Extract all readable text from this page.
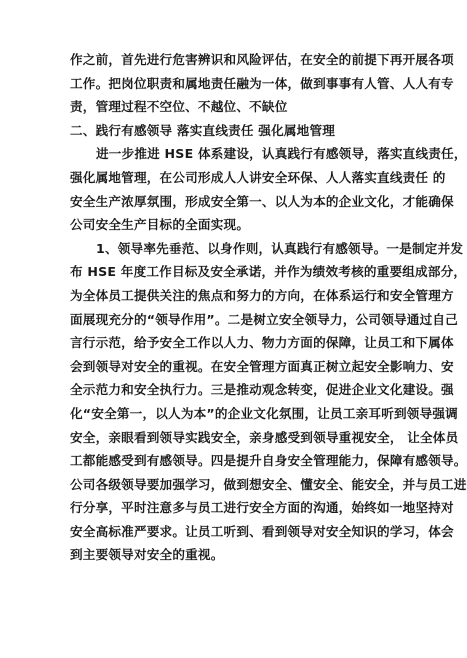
作之前，首先进行危害辨识和风险评估，在安全的前提下再开展各项
工作。把岗位职责和属地责任融为一体，做到事事有人管、人人有专
责，管理过程不空位、不越位、不缺位
二、践行有感领导 落实直线责任 强化属地管理
进一步推进 HSE 体系建设，认真践行有感领导，落实直线责任，
强化属地管理，在公司形成人人讲安全环保、人人落实直线责任 的
安全生产浓厚氛围，形成安全第一、以人为本的企业文化，才能确保
公司安全生产目标的全面实现。
1、领导率先垂范、以身作则，认真践行有感领导。一是制定并发
布 HSE 年度工作目标及安全承诺，并作为绩效考核的重要组成部分，
为全体员工提供关注的焦点和努力的方向，在体系运行和安全管理方
面展现充分的“领导作用”。二是树立安全领导力，公司领导通过自己
言行示范，给予安全工作以人力、物力方面的保障，让员工和下属体
会到领导对安全的重视。在安全管理方面真正树立起安全影响力、安
全示范力和安全执行力。三是推动观念转变，促进企业文化建设。强
化“安全第一，以人为本”的企业文化氛围，让员工亲耳听到领导强调
安全，亲眼看到领导实践安全，亲身感受到领导重视安全， 让全体员
工都能感受到有感领导。四是提升自身安全管理能力，保障有感领导。
公司各级领导要加强学习，做到想安全、懂安全、能安全，并与员工进
行分享，平时注意多与员工进行安全方面的沟通，始终如一地坚持对
安全高标准严要求。让员工听到、看到领导对安全知识的学习，体会
到主要领导对安全的重视。
